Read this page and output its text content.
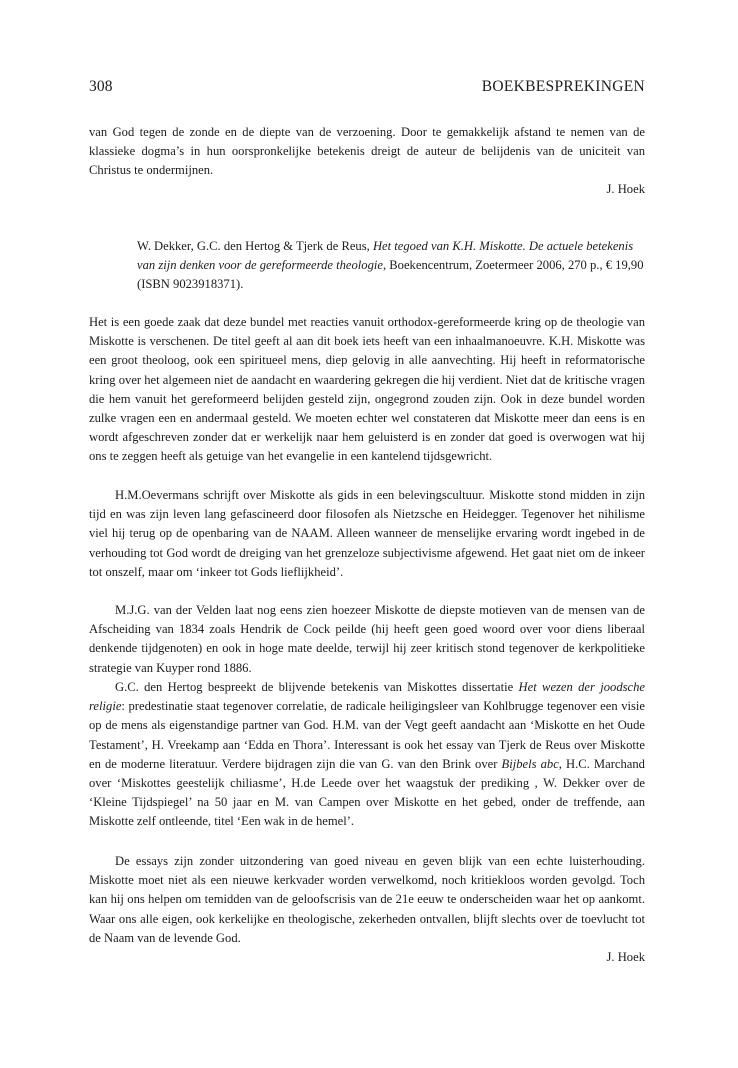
308	BOEKBESPREKINGEN

van God tegen de zonde en de diepte van de verzoening. Door te gemakkelijk afstand te nemen van de klassieke dogma’s in hun oorspronkelijke betekenis dreigt de auteur de belijdenis van de uniciteit van Christus te ondermijnen.

J. Hoek

W. Dekker, G.C. den Hertog & Tjerk de Reus, Het tegoed van K.H. Miskotte. De actuele betekenis van zijn denken voor de gereformeerde theologie, Boekencentrum, Zoetermeer 2006, 270 p., € 19,90 (ISBN 9023918371).

Het is een goede zaak dat deze bundel met reacties vanuit orthodox-gereformeerde kring op de theologie van Miskotte is verschenen. De titel geeft al aan dit boek iets heeft van een inhaalmanoeuvre. K.H. Miskotte was een groot theoloog, ook een spiritueel mens, diep gelovig in alle aanvechting. Hij heeft in reformatorische kring over het algemeen niet de aandacht en waardering gekregen die hij verdient. Niet dat de kritische vragen die hem vanuit het gereformeerd belijden gesteld zijn, ongegrond zouden zijn. Ook in deze bundel worden zulke vragen een en andermaal gesteld. We moeten echter wel constateren dat Miskotte meer dan eens is en wordt afgeschreven zonder dat er werkelijk naar hem geluisterd is en zonder dat goed is overwogen wat hij ons te zeggen heeft als getuige van het evangelie in een kantelend tijdsgewricht.

H.M.Oevermans schrijft over Miskotte als gids in een belevingscultuur. Miskotte stond midden in zijn tijd en was zijn leven lang gefascineerd door filosofen als Nietzsche en Heidegger. Tegenover het nihilisme viel hij terug op de openbaring van de NAAM. Alleen wanneer de menselijke ervaring wordt ingebed in de verhouding tot God wordt de dreiging van het grenzeloze subjectivisme afgewend. Het gaat niet om de inkeer tot onszelf, maar om ‘inkeer tot Gods lieflijkheid’.

M.J.G. van der Velden laat nog eens zien hoezeer Miskotte de diepste motieven van de mensen van de Afscheiding van 1834 zoals Hendrik de Cock peilde (hij heeft geen goed woord over voor diens liberaal denkende tijdgenoten) en ook in hoge mate deelde, terwijl hij zeer kritisch stond tegenover de kerkpolitieke strategie van Kuyper rond 1886.

G.C. den Hertog bespreekt de blijvende betekenis van Miskottes dissertatie Het wezen der joodsche religie: predestinatie staat tegenover correlatie, de radicale heiligingsleer van Kohlbrugge tegenover een visie op de mens als eigenstandige partner van God. H.M. van der Vegt geeft aandacht aan ‘Miskotte en het Oude Testament’, H. Vreekamp aan ‘Edda en Thora’. Interessant is ook het essay van Tjerk de Reus over Miskotte en de moderne literatuur. Verdere bijdragen zijn die van G. van den Brink over Bijbels abc, H.C. Marchand over ‘Miskottes geestelijk chiliasme’, H.de Leede over het waagstuk der prediking , W. Dekker over de ‘Kleine Tijdspiegel’ na 50 jaar en M. van Campen over Miskotte en het gebed, onder de treffende, aan Miskotte zelf ontleende, titel ‘Een wak in de hemel’.

De essays zijn zonder uitzondering van goed niveau en geven blijk van een echte luisterhouding. Miskotte moet niet als een nieuwe kerkvader worden verwelkomd, noch kritiekloos worden gevolgd. Toch kan hij ons helpen om temidden van de geloofscrisis van de 21e eeuw te onderscheiden waar het op aankomt. Waar ons alle eigen, ook kerkelijke en theologische, zekerheden ontvallen, blijft slechts over de toevlucht tot de Naam van de levende God.

J. Hoek
